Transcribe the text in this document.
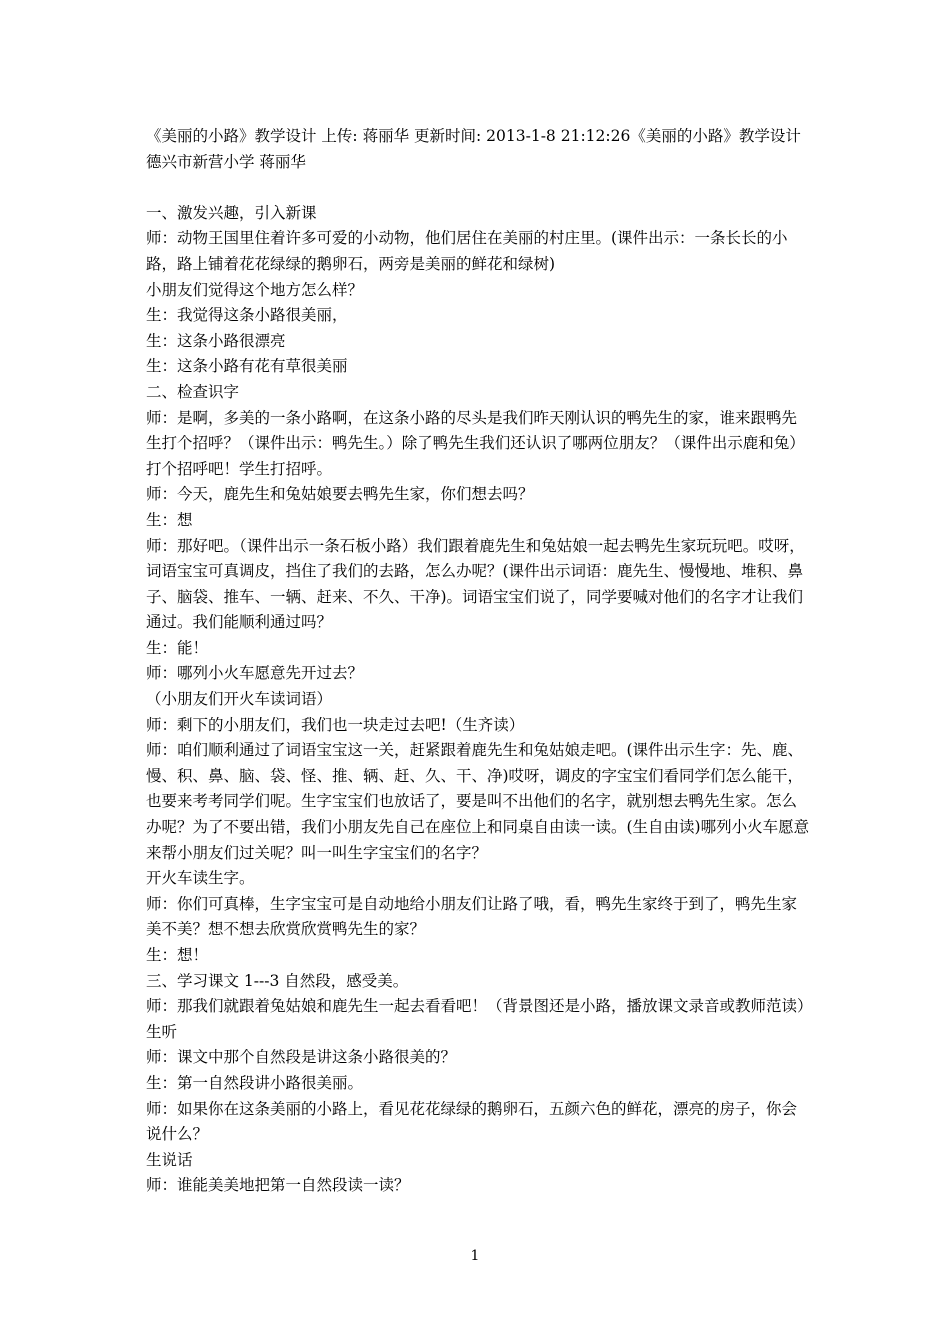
《美丽的小路》教学设计 上传: 蒋丽华 更新时间: 2013-1-8 21:12:26《美丽的小路》教学设计
德兴市新营小学 蒋丽华
一、激发兴趣，引入新课
师：动物王国里住着许多可爱的小动物，他们居住在美丽的村庄里。(课件出示：一条长长的小路，路上铺着花花绿绿的鹅卵石，两旁是美丽的鲜花和绿树)
小朋友们觉得这个地方怎么样？
生：我觉得这条小路很美丽，
生：这条小路很漂亮
生：这条小路有花有草很美丽
二、检查识字
师：是啊，多美的一条小路啊，在这条小路的尽头是我们昨天刚认识的鸭先生的家，谁来跟鸭先生打个招呼？（课件出示：鸭先生。）除了鸭先生我们还认识了哪两位朋友？（课件出示鹿和兔）打个招呼吧！学生打招呼。
师：今天，鹿先生和兔姑娘要去鸭先生家，你们想去吗？
生：想
师：那好吧。（课件出示一条石板小路）我们跟着鹿先生和兔姑娘一起去鸭先生家玩玩吧。哎呀，词语宝宝可真调皮，挡住了我们的去路，怎么办呢？(课件出示词语：鹿先生、慢慢地、堆积、鼻子、脑袋、推车、一辆、赶来、不久、干净)。词语宝宝们说了，同学要喊对他们的名字才让我们通过。我们能顺利通过吗？
生：能！
师：哪列小火车愿意先开过去？
（小朋友们开火车读词语）
师：剩下的小朋友们，我们也一块走过去吧!（生齐读）
师：咱们顺利通过了词语宝宝这一关，赶紧跟着鹿先生和兔姑娘走吧。(课件出示生字：先、鹿、慢、积、鼻、脑、袋、怪、推、辆、赶、久、干、净)哎呀，调皮的字宝宝们看同学们怎么能干，也要来考考同学们呢。生字宝宝们也放话了，要是叫不出他们的名字，就别想去鸭先生家。怎么办呢？为了不要出错，我们小朋友先自己在座位上和同桌自由读一读。(生自由读)哪列小火车愿意来帮小朋友们过关呢？叫一叫生字宝宝们的名字？
开火车读生字。
师：你们可真棒，生字宝宝可是自动地给小朋友们让路了哦，看，鸭先生家终于到了，鸭先生家美不美？想不想去欣赏欣赏鸭先生的家？
生：想！
三、学习课文 1---3 自然段，感受美。
师：那我们就跟着兔姑娘和鹿先生一起去看看吧！（背景图还是小路，播放课文录音或教师范读）
生听
师：课文中那个自然段是讲这条小路很美的？
生：第一自然段讲小路很美丽。
师：如果你在这条美丽的小路上，看见花花绿绿的鹅卵石，五颜六色的鲜花，漂亮的房子，你会说什么？
生说话
师：谁能美美地把第一自然段读一读？
1
